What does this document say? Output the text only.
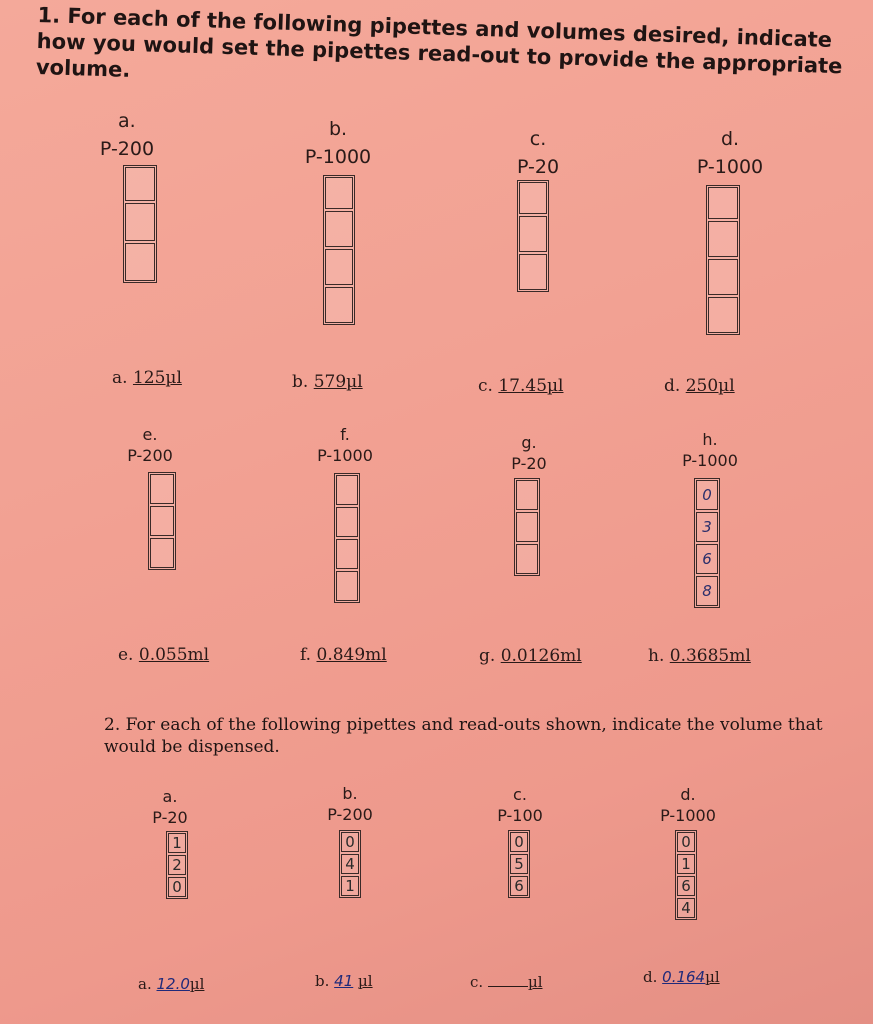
1. For each of the following pipettes and volumes desired, indicate how you would set the pipettes read-out to provide the appropriate volume.
a.
P-200
b.
P-1000
c.
P-20
d.
P-1000
a. 125µl	b. 579µl	c. 17.45µl	d. 250µl
e.
P-200
f.
P-1000
g.
P-20
h.
P-1000
0
3
6
8
e. 0.055ml	f. 0.849ml	g. 0.0126ml	h. 0.3685ml
2. For each of the following pipettes and read-outs shown, indicate the volume that would be dispensed.
a.
P-20
b.
P-200
c.
P-100
d.
P-1000
1
2
0
0
4
1
0
5
6
0
1
6
4
a. 12.0µl	b. 41 µl	c.	µl	d. 0.164µl
